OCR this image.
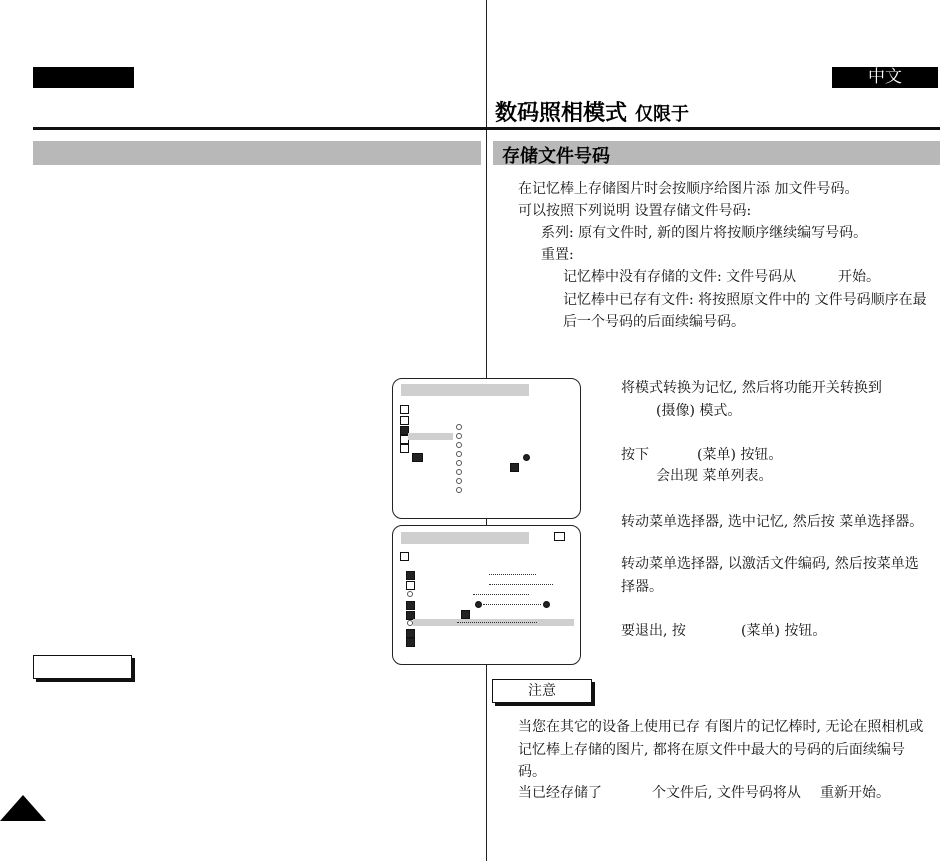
中文
数码照相模式 仅限于
存储文件号码
在记忆棒上存储图片时会按顺序给图片添 加文件号码。
可以按照下列说明 设置存储文件号码:
系列: 原有文件时, 新的图片将按顺序继续编写号码。
重置:
记忆棒中没有存储的文件: 文件号码从	开始。
记忆棒中已存有文件: 将按照原文件中的 文件号码顺序在最
后一个号码的后面续编号码。
将模式转换为记忆, 然后将功能开关转换到
(摄像) 模式。
按下	(菜单) 按钮。
会出现 菜单列表。
转动菜单选择器, 选中记忆, 然后按 菜单选择器。
转动菜单选择器, 以激活文件编码, 然后按菜单选
择器。
要退出, 按	(菜单) 按钮。
注意
当您在其它的设备上使用已存 有图片的记忆棒时, 无论在照相机或
记忆棒上存储的图片, 都将在原文件中最大的号码的后面续编号
码。
当已经存储了	个文件后, 文件号码将从 重新开始。
